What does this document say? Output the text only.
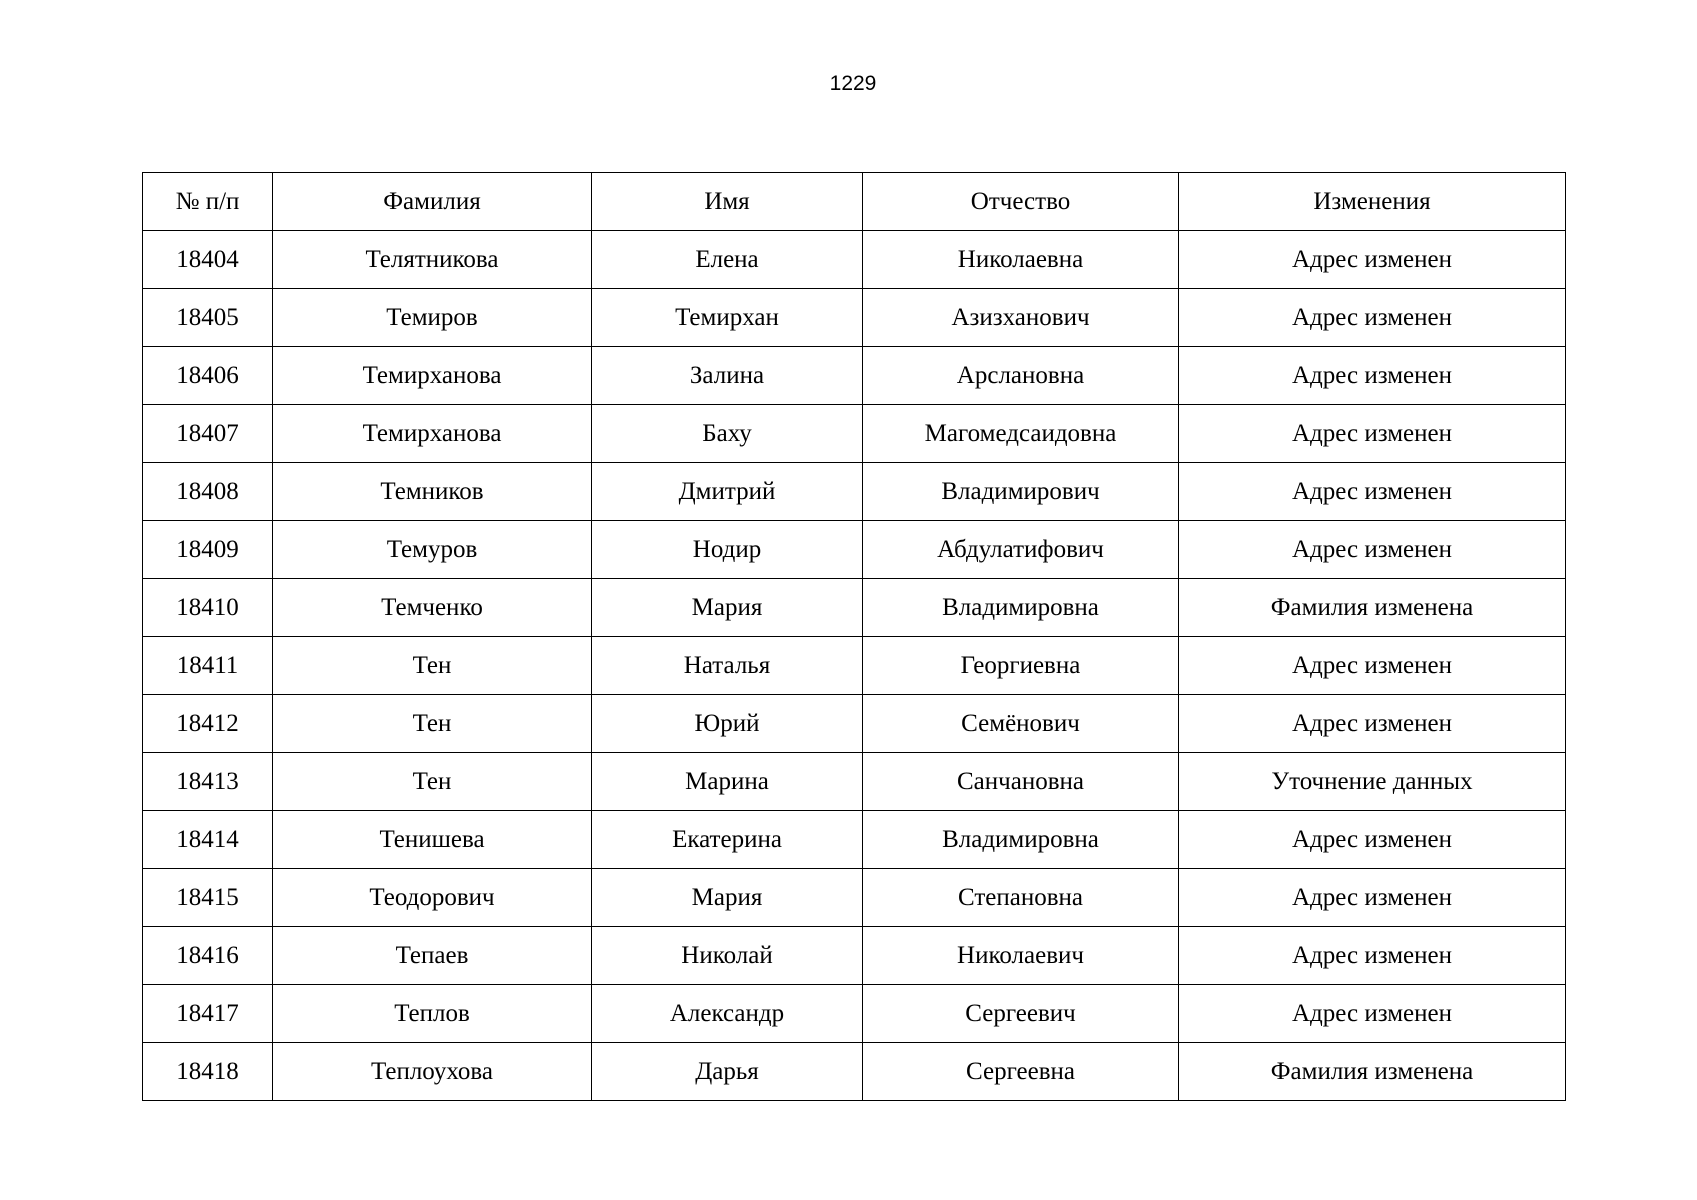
1229
№ п/п	Фамилия	Имя	Отчество	Изменения
18404	Телятникова	Елена	Николаевна	Адрес изменен
18405	Темиров	Темирхан	Азизханович	Адрес изменен
18406	Темирханова	Залина	Арслановна	Адрес изменен
18407	Темирханова	Баху	Магомедсаидовна	Адрес изменен
18408	Темников	Дмитрий	Владимирович	Адрес изменен
18409	Темуров	Нодир	Абдулатифович	Адрес изменен
18410	Темченко	Мария	Владимировна	Фамилия изменена
18411	Тен	Наталья	Георгиевна	Адрес изменен
18412	Тен	Юрий	Семёнович	Адрес изменен
18413	Тен	Марина	Санчановна	Уточнение данных
18414	Тенишева	Екатерина	Владимировна	Адрес изменен
18415	Теодорович	Мария	Степановна	Адрес изменен
18416	Тепаев	Николай	Николаевич	Адрес изменен
18417	Теплов	Александр	Сергеевич	Адрес изменен
18418	Теплоухова	Дарья	Сергеевна	Фамилия изменена
